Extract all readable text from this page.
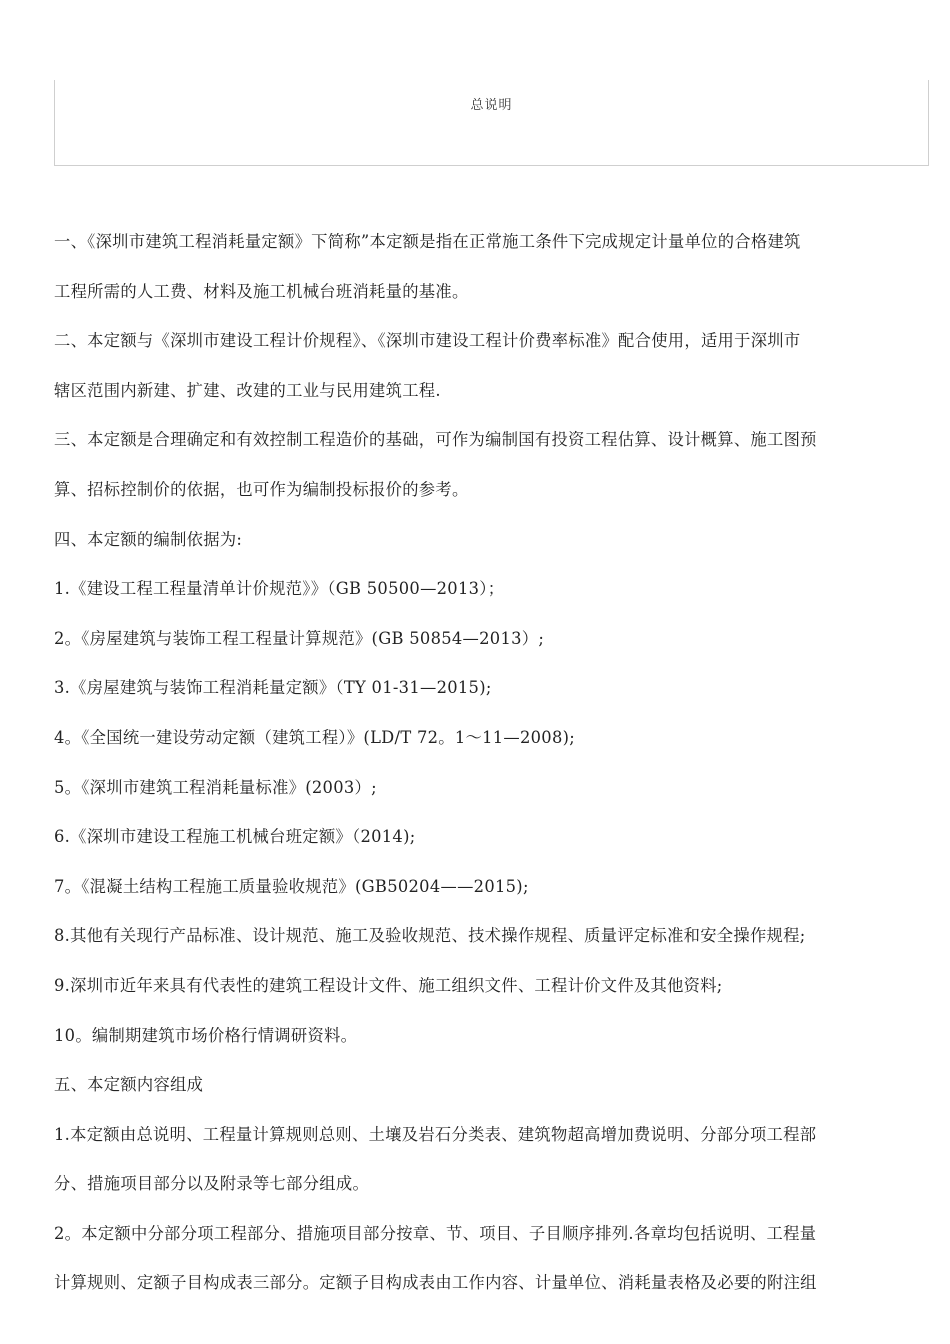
总说明
一、《深圳市建筑工程消耗量定额》下简称”本定额是指在正常施工条件下完成规定计量单位的合格建筑
工程所需的人工费、材料及施工机械台班消耗量的基准。
二、本定额与《深圳市建设工程计价规程》、《深圳市建设工程计价费率标准》配合使用，适用于深圳市
辖区范围内新建、扩建、改建的工业与民用建筑工程.
三、本定额是合理确定和有效控制工程造价的基础，可作为编制国有投资工程估算、设计概算、施工图预
算、招标控制价的依据，也可作为编制投标报价的参考。
四、本定额的编制依据为:
1.《建设工程工程量清单计价规范》》（GB 50500—2013）；
2。《房屋建筑与装饰工程工程量计算规范》(GB 50854—2013）;
3.《房屋建筑与装饰工程消耗量定额》（TY 01-31—2015);
4。《全国统一建设劳动定额（建筑工程）》(LD/T 72。1～11—2008);
5。《深圳市建筑工程消耗量标准》(2003）;
6.《深圳市建设工程施工机械台班定额》（2014);
7。《混凝土结构工程施工质量验收规范》(GB50204——2015);
8.其他有关现行产品标准、设计规范、施工及验收规范、技术操作规程、质量评定标准和安全操作规程;
9.深圳市近年来具有代表性的建筑工程设计文件、施工组织文件、工程计价文件及其他资料;
10。编制期建筑市场价格行情调研资料。
五、本定额内容组成
1.本定额由总说明、工程量计算规则总则、土壤及岩石分类表、建筑物超高增加费说明、分部分项工程部
分、措施项目部分以及附录等七部分组成。
2。本定额中分部分项工程部分、措施项目部分按章、节、项目、子目顺序排列.各章均包括说明、工程量
计算规则、定额子目构成表三部分。定额子目构成表由工作内容、计量单位、消耗量表格及必要的附注组
